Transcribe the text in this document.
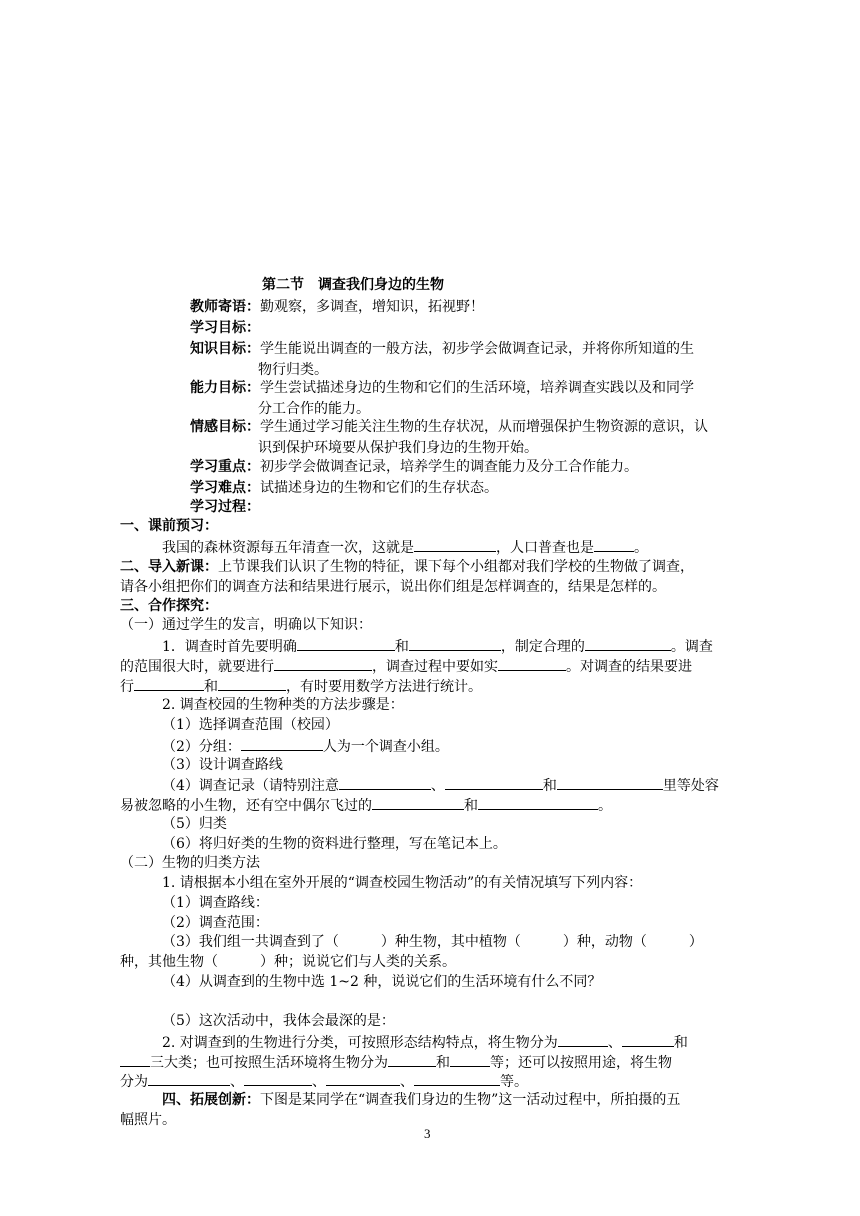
第二节　调查我们身边的生物
教师寄语：勤观察，多调查，增知识，拓视野！
学习目标：
知识目标：学生能说出调查的一般方法，初步学会做调查记录，并将你所知道的生
物行归类。
能力目标：学生尝试描述身边的生物和它们的生活环境，培养调查实践以及和同学
分工合作的能力。
情感目标：学生通过学习能关注生物的生存状况，从而增强保护生物资源的意识，认
识到保护环境要从保护我们身边的生物开始。
学习重点：初步学会做调查记录，培养学生的调查能力及分工合作能力。
学习难点：试描述身边的生物和它们的生存状态。
学习过程：
一、课前预习：
我国的森林资源每五年清查一次，这就是	，人口普查也是	。
二、导入新课：上节课我们认识了生物的特征，课下每个小组都对我们学校的生物做了调查，
请各小组把你们的调查方法和结果进行展示，说出你们组是怎样调查的，结果是怎样的。
三、合作探究：
（一）通过学生的发言，明确以下知识：
1．调查时首先要明确	和	，制定合理的	。调查
的范围很大时，就要进行	，调查过程中要如实	。对调查的结果要进
行	和	，有时要用数学方法进行统计。
2. 调查校园的生物种类的方法步骤是：
（1）选择调查范围（校园）
（2）分组：	人为一个调查小组。
（3）设计调查路线
（4）调查记录（请特别注意	、	和	里等处容
易被忽略的小生物，还有空中偶尔飞过的	和	。
（5）归类
（6）将归好类的生物的资料进行整理，写在笔记本上。
（二）生物的归类方法
1. 请根据本小组在室外开展的“调查校园生物活动”的有关情况填写下列内容：
（1）调查路线：
（2）调查范围：
（3）我们组一共调查到了（　　　）种生物，其中植物（　　　）种，动物（　　　）
种，其他生物（　　　）种；说说它们与人类的关系。
（4）从调查到的生物中选 1~2 种，说说它们的生活环境有什么不同？
（5）这次活动中，我体会最深的是：
2. 对调查到的生物进行分类，可按照形态结构特点，将生物分为	、	和
三大类；也可按照生活环境将生物分为	和	等；还可以按照用途，将生物
分为	、	、	、	等。
四、拓展创新：下图是某同学在“调查我们身边的生物”这一活动过程中，所拍摄的五
幅照片。
3
